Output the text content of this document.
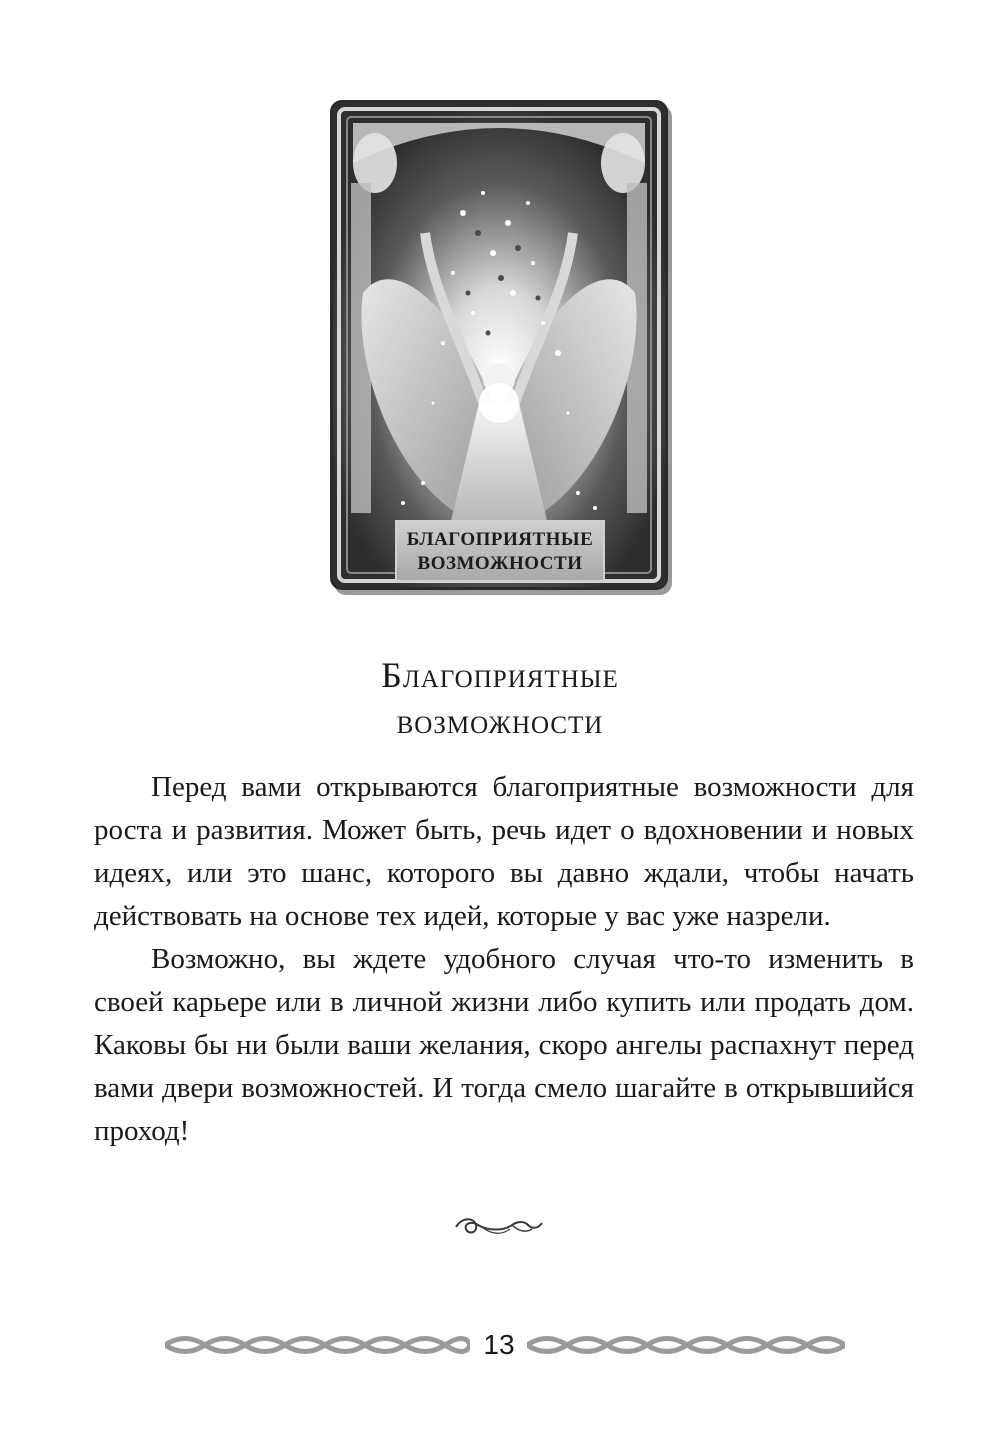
БЛАГОПРИЯТНЫЕ
ВОЗМОЖНОСТИ
Благоприятные
возможности

Перед вами открываются благоприятные возможности для роста и развития. Может быть, речь идет о вдохновении и новых идеях, или это шанс, которого вы давно ждали, чтобы начать действовать на основе тех идей, которые у вас уже назрели.

Возможно, вы ждете удобного случая что-то изменить в своей карьере или в личной жизни либо купить или продать дом. Каковы бы ни были ваши желания, скоро ангелы распахнут перед вами двери возможностей. И тогда смело шагайте в открывшийся проход!

13
